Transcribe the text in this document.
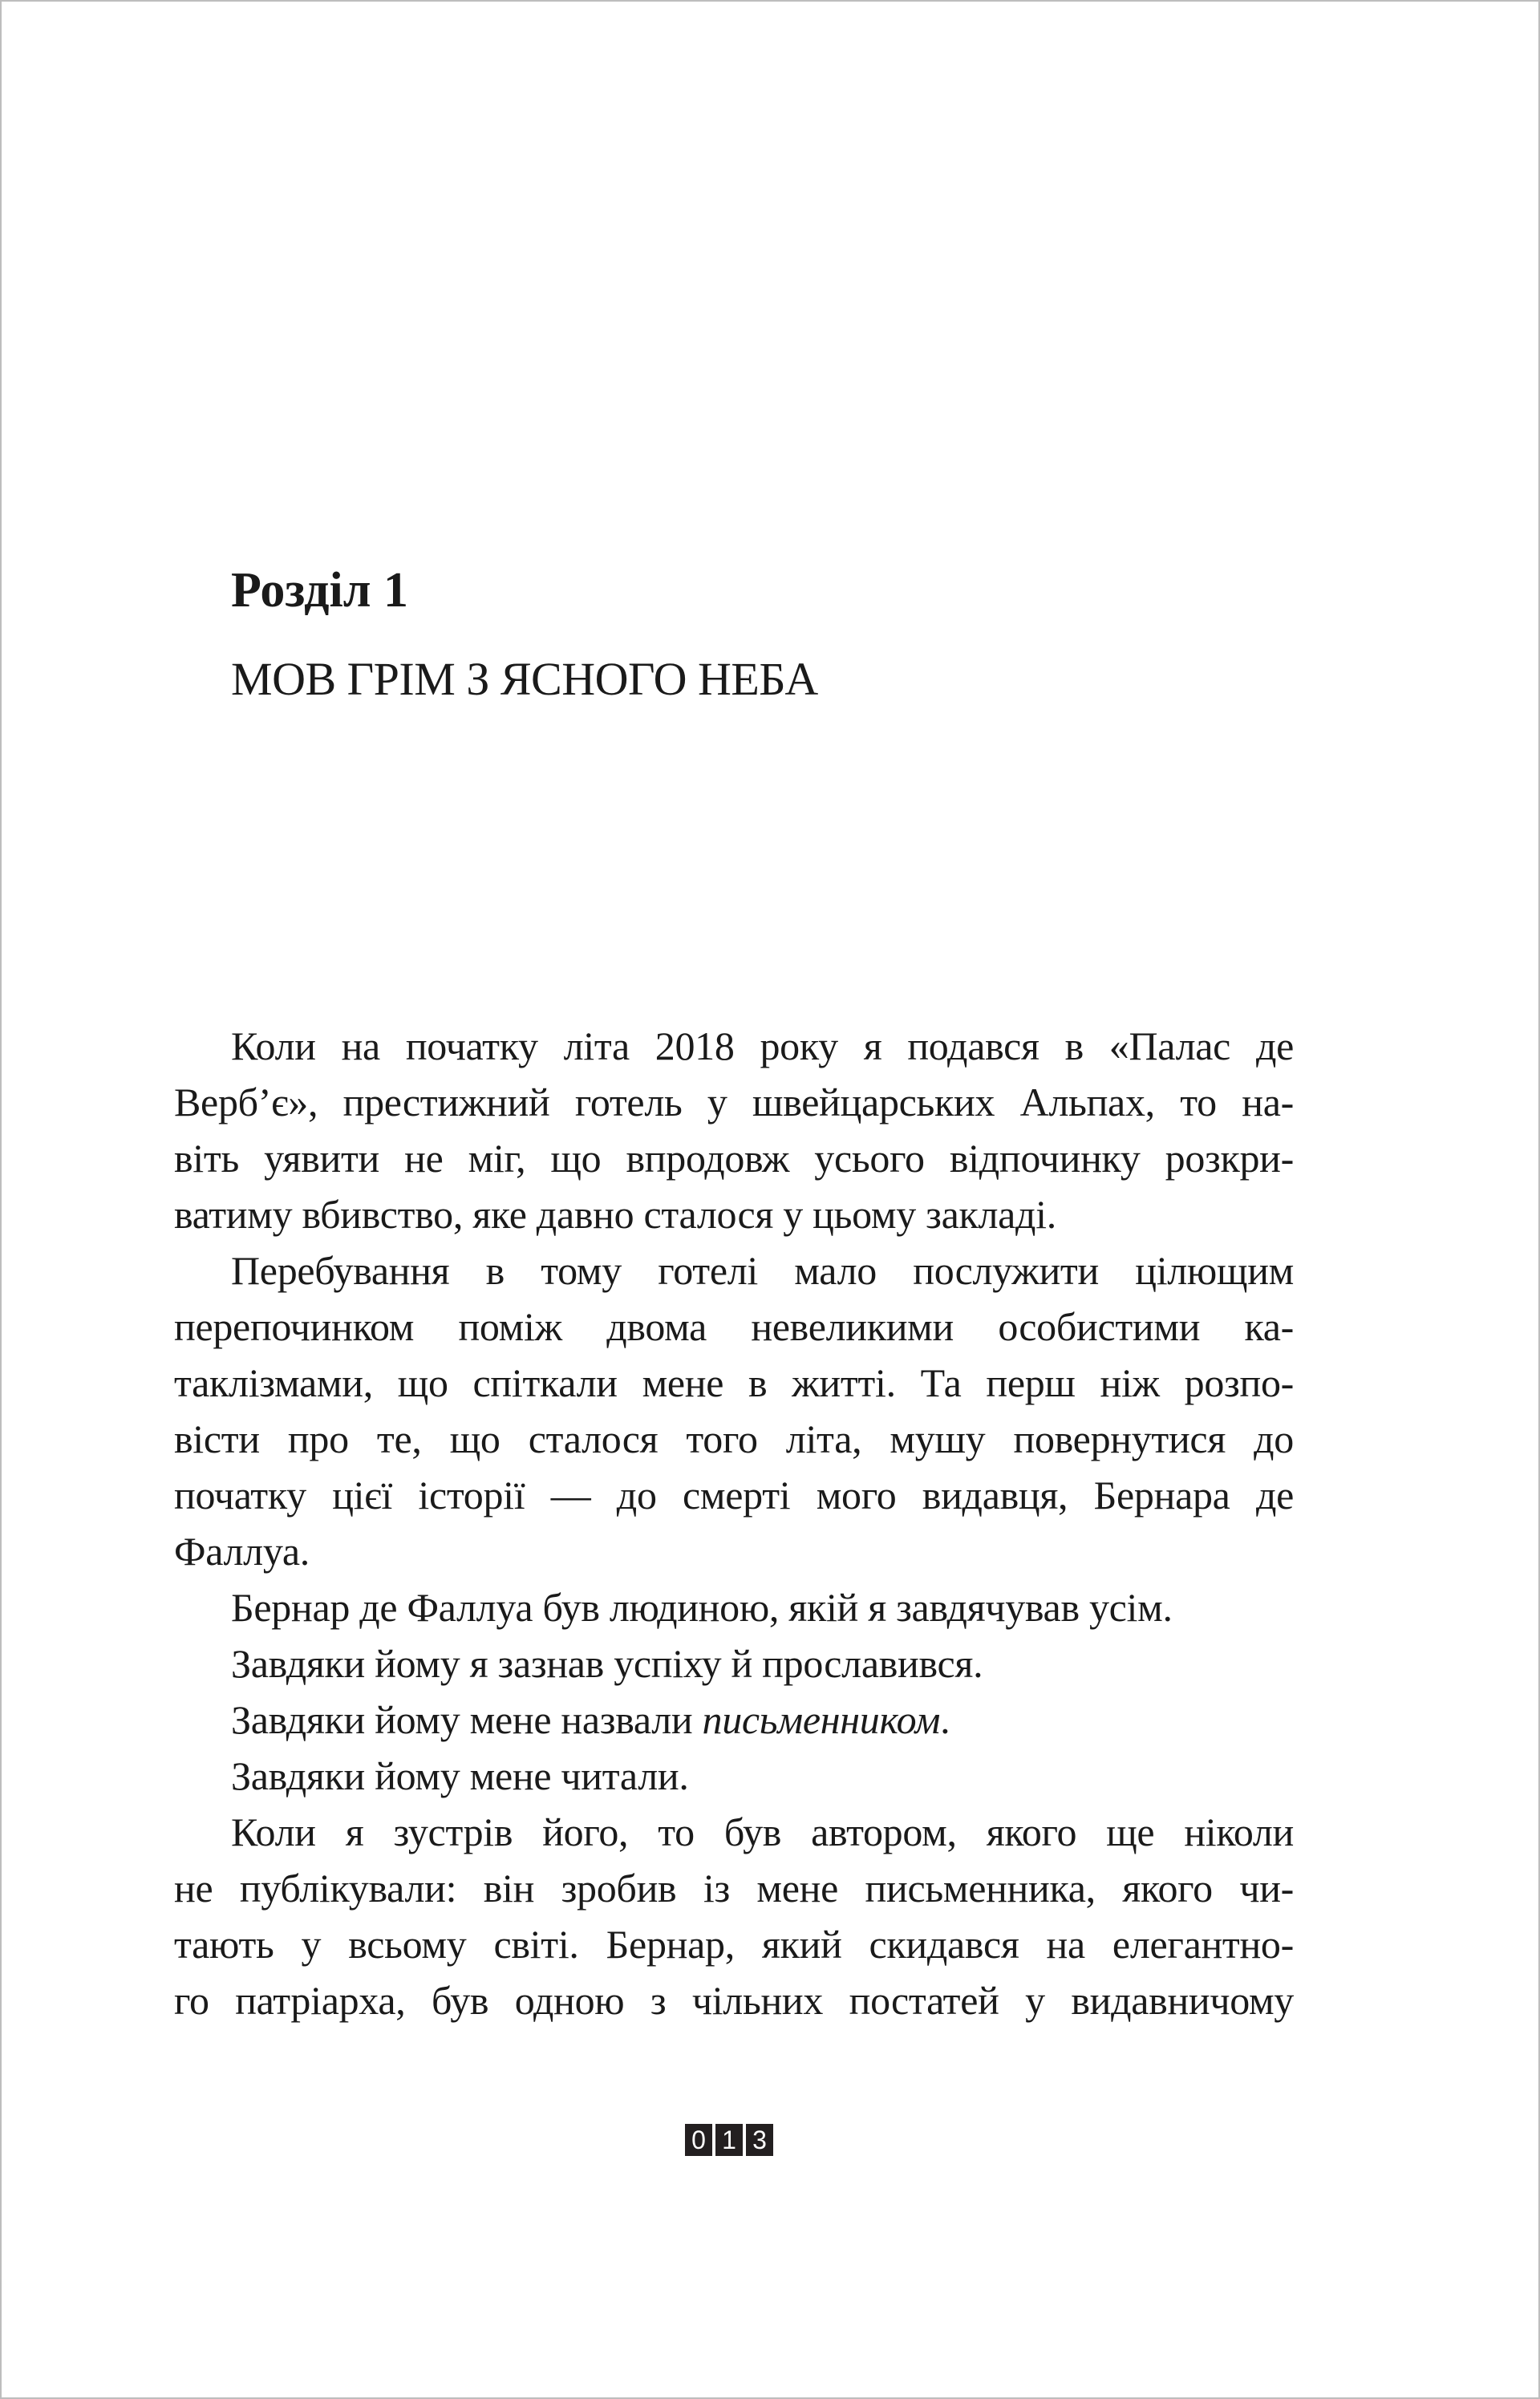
Розділ 1
МОВ ГРІМ З ЯСНОГО НЕБА
Коли на початку літа 2018 року я подався в «Палас де
Верб’є», престижний готель у швейцарських Альпах, то на-
віть уявити не міг, що впродовж усього відпочинку розкри-
ватиму вбивство, яке давно сталося у цьому закладі.
Перебування в тому готелі мало послужити цілющим
перепочинком поміж двома невеликими особистими ка-
таклізмами, що спіткали мене в житті. Та перш ніж розпо-
вісти про те, що сталося того літа, мушу повернутися до
початку цієї історії — до смерті мого видавця, Бернара де
Фаллуа.
Бернар де Фаллуа був людиною, якій я завдячував усім.
Завдяки йому я зазнав успіху й прославився.
Завдяки йому мене назвали письменником.
Завдяки йому мене читали.
Коли я зустрів його, то був автором, якого ще ніколи
не публікували: він зробив із мене письменника, якого чи-
тають у всьому світі. Бернар, який скидався на елегантно-
го патріарха, був одною з чільних постатей у видавничому
0 1 3
